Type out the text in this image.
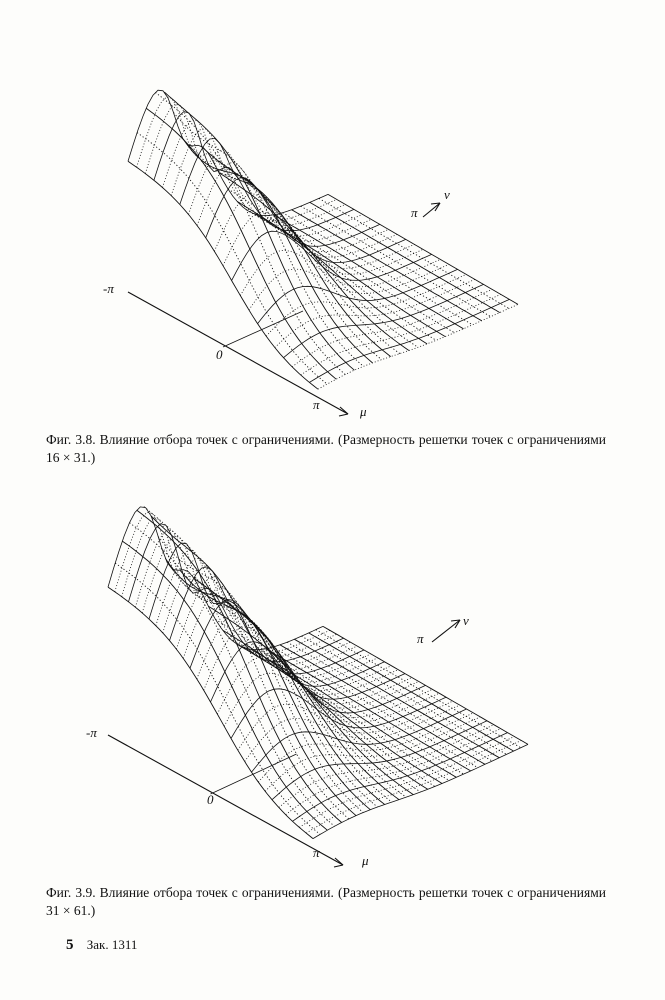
-π
0
π	μ
π
ν
Фиг. 3.8. Влияние отбора точек с ограничениями. (Размерность решетки точек с ограничениями 16 × 31.)
-π
0
π
μ
π
ν
Фиг. 3.9. Влияние отбора точек с ограничениями. (Размерность решетки точек с ограничениями 31 × 61.)
5 Зак. 1311
